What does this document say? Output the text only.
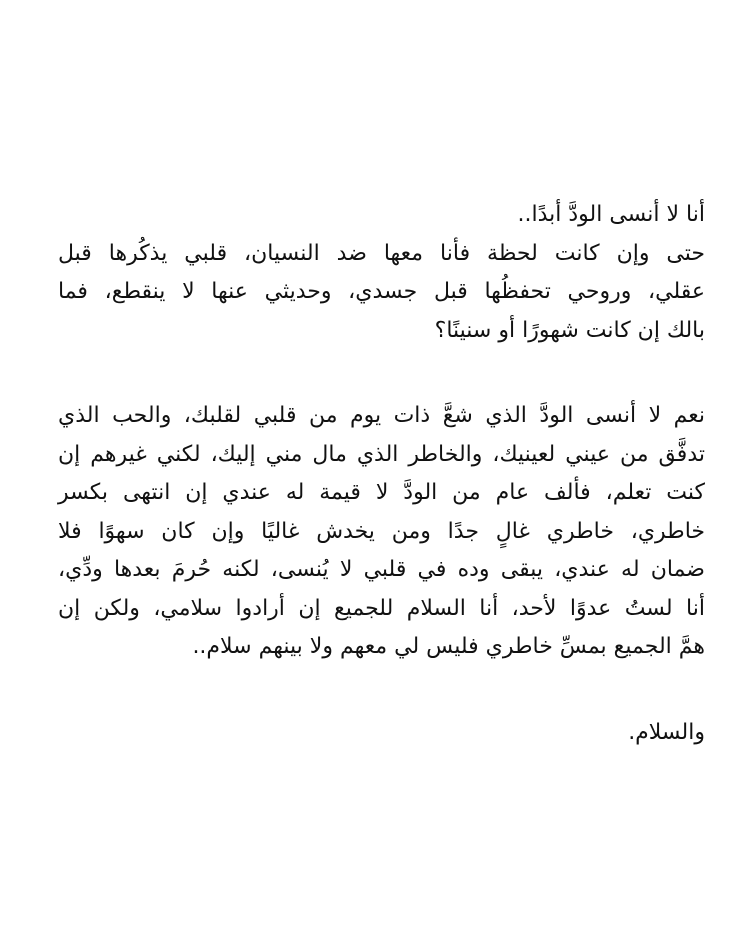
أنا لا أنسى الودَّ أبدًا..
حتى وإن كانت لحظة فأنا معها ضد النسيان، قلبي يذكُرها قبل
عقلي، وروحي تحفظُها قبل جسدي، وحديثي عنها لا ينقطع، فما
بالك إن كانت شهورًا أو سنينًا؟

نعم لا أنسى الودَّ الذي شعَّ ذات يوم من قلبي لقلبك، والحب الذي
تدفَّق من عيني لعينيك، والخاطر الذي مال مني إليك، لكني غيرهم إن
كنت تعلم، فألف عام من الودَّ لا قيمة له عندي إن انتهى بكسر
خاطري، خاطري غالٍ جدًا ومن يخدش غاليًا وإن كان سهوًا فلا
ضمان له عندي، يبقى وده في قلبي لا يُنسى، لكنه حُرمَ بعدها ودِّي،
أنا لستُ عدوًا لأحد، أنا السلام للجميع إن أرادوا سلامي، ولكن إن
همَّ الجميع بمسِّ خاطري فليس لي معهم ولا بينهم سلام..

والسلام.
